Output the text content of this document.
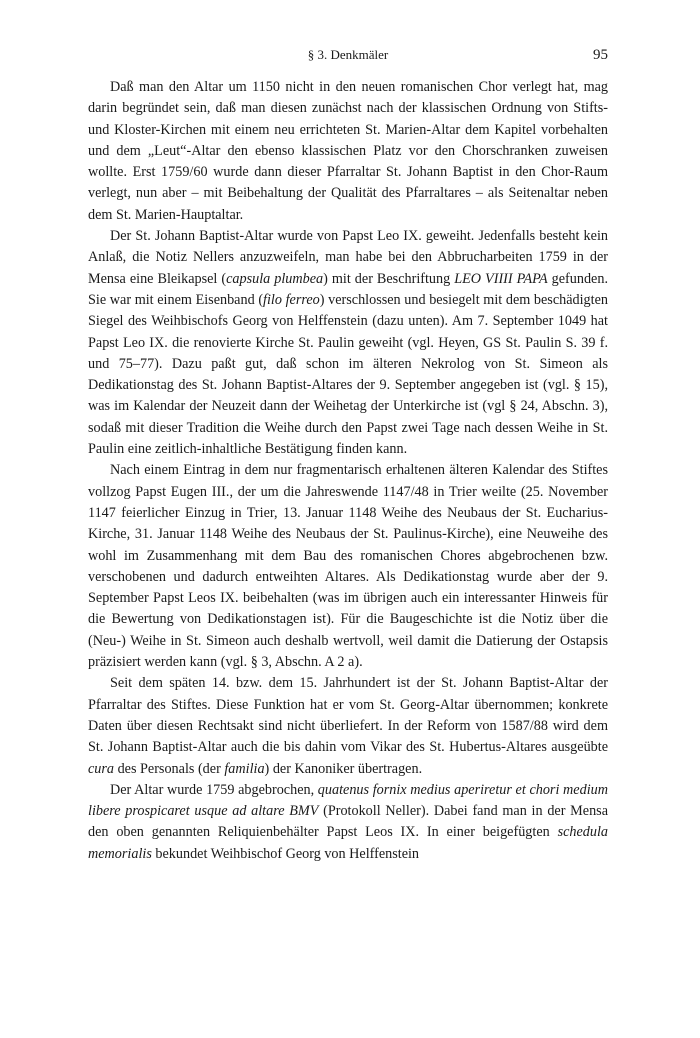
§ 3. Denkmäler	95

Daß man den Altar um 1150 nicht in den neuen romanischen Chor verlegt hat, mag darin begründet sein, daß man diesen zunächst nach der klassischen Ordnung von Stifts- und Kloster-Kirchen mit einem neu errichteten St. Marien-Altar dem Kapitel vorbehalten und dem „Leut“-Altar den ebenso klassischen Platz vor den Chorschranken zuweisen wollte. Erst 1759/60 wurde dann dieser Pfarraltar St. Johann Baptist in den Chor-Raum verlegt, nun aber – mit Beibehaltung der Qualität des Pfarraltares – als Seitenaltar neben dem St. Marien-Hauptaltar.

Der St. Johann Baptist-Altar wurde von Papst Leo IX. geweiht. Jedenfalls besteht kein Anlaß, die Notiz Nellers anzuzweifeln, man habe bei den Abbrucharbeiten 1759 in der Mensa eine Bleikapsel (capsula plumbea) mit der Beschriftung LEO VIIII PAPA gefunden. Sie war mit einem Eisenband (filo ferreo) verschlossen und besiegelt mit dem beschädigten Siegel des Weihbischofs Georg von Helffenstein (dazu unten). Am 7. September 1049 hat Papst Leo IX. die renovierte Kirche St. Paulin geweiht (vgl. Heyen, GS St. Paulin S. 39 f. und 75–77). Dazu paßt gut, daß schon im älteren Nekrolog von St. Simeon als Dedikationstag des St. Johann Baptist-Altares der 9. September angegeben ist (vgl. § 15), was im Kalendar der Neuzeit dann der Weihetag der Unterkirche ist (vgl § 24, Abschn. 3), sodaß mit dieser Tradition die Weihe durch den Papst zwei Tage nach dessen Weihe in St. Paulin eine zeitlich-inhaltliche Bestätigung finden kann.

Nach einem Eintrag in dem nur fragmentarisch erhaltenen älteren Kalendar des Stiftes vollzog Papst Eugen III., der um die Jahreswende 1147/48 in Trier weilte (25. November 1147 feierlicher Einzug in Trier, 13. Januar 1148 Weihe des Neubaus der St. Eucharius-Kirche, 31. Januar 1148 Weihe des Neubaus der St. Paulinus-Kirche), eine Neuweihe des wohl im Zusammenhang mit dem Bau des romanischen Chores abgebrochenen bzw. verschobenen und dadurch entweihten Altares. Als Dedikationstag wurde aber der 9. September Papst Leos IX. beibehalten (was im übrigen auch ein interessanter Hinweis für die Bewertung von Dedikationstagen ist). Für die Baugeschichte ist die Notiz über die (Neu-) Weihe in St. Simeon auch deshalb wertvoll, weil damit die Datierung der Ostapsis präzisiert werden kann (vgl. § 3, Abschn. A 2 a).

Seit dem späten 14. bzw. dem 15. Jahrhundert ist der St. Johann Baptist-Altar der Pfarraltar des Stiftes. Diese Funktion hat er vom St. Georg-Altar übernommen; konkrete Daten über diesen Rechtsakt sind nicht überliefert. In der Reform von 1587/88 wird dem St. Johann Baptist-Altar auch die bis dahin vom Vikar des St. Hubertus-Altares ausgeübte cura des Personals (der familia) der Kanoniker übertragen.

Der Altar wurde 1759 abgebrochen, quatenus fornix medius aperiretur et chori medium libere prospicaret usque ad altare BMV (Protokoll Neller). Dabei fand man in der Mensa den oben genannten Reliquienbehälter Papst Leos IX. In einer beigefügten schedula memorialis bekundet Weihbischof Georg von Helffenstein
